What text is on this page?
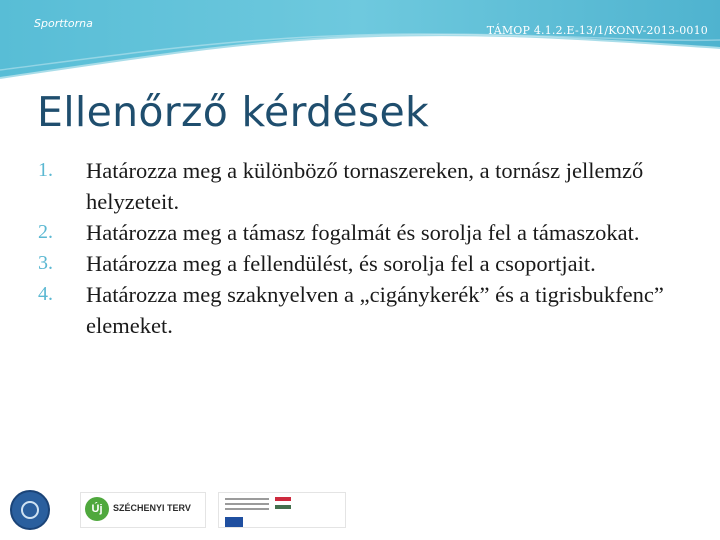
Sporttorna
TÁMOP 4.1.2.E-13/1/KONV-2013-0010
Ellenőrző kérdések
1. Határozza meg a különböző tornaszereken, a tornász jellemző helyzeteit.
2. Határozza meg a támasz fogalmát és sorolja fel a támaszokat.
3. Határozza meg a fellendülést, és sorolja fel a csoportjait.
4. Határozza meg szaknyelven a „cigánykerék” és a tigrisbukfenc” elemeket.
Új	SZÉCHENYI TERV
